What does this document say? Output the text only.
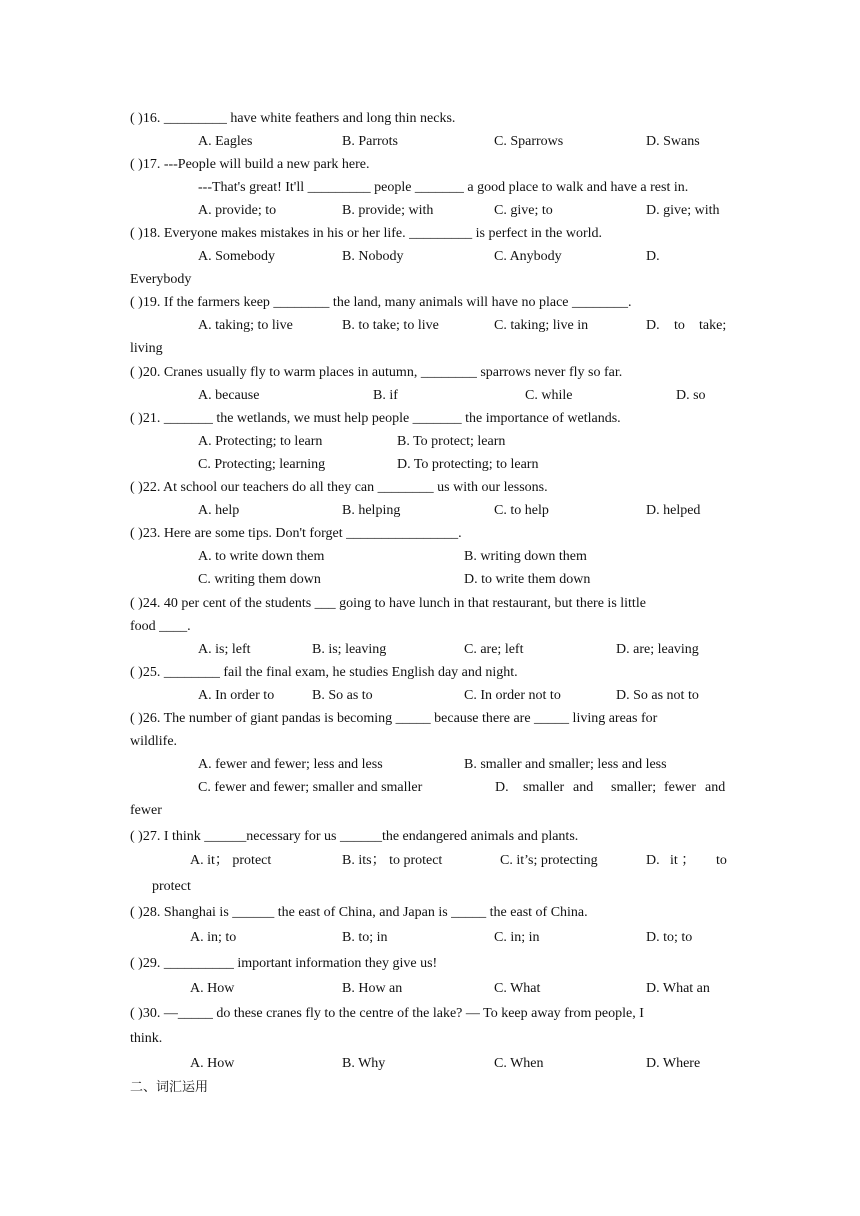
( )16. _________ have white feathers and long thin necks.
A. Eagles	B. Parrots	C. Sparrows	D. Swans
( )17. ---People will build a new park here.
---That's great! It'll _________ people _______ a good place to walk and have a rest in.
A. provide; to	B. provide; with	C. give; to	D. give; with
( )18. Everyone makes mistakes in his or her life. _________ is perfect in the world.
A. Somebody	B. Nobody	C. Anybody	D.
Everybody
( )19. If the farmers keep ________ the land, many animals will have no place ________.
A. taking; to live	B. to take; to live	C. taking; live in	D. to take;
living
( )20. Cranes usually fly to warm places in autumn, ________ sparrows never fly so far.
A. because	B. if	C. while	D. so
( )21. _______ the wetlands, we must help people _______ the importance of wetlands.
A. Protecting; to learn	B. To protect; learn
C. Protecting; learning	D. To protecting; to learn
( )22. At school our teachers do all they can ________ us with our lessons.
A. help	B. helping	C. to help	D. helped
( )23. Here are some tips. Don't forget ________________.
A. to write down them	B. writing down them
C. writing them down	D. to write them down
( )24. 40 per cent of the students ___ going to have lunch in that restaurant, but there is little
food ____.
A. is; left	B. is; leaving	C. are; left	D. are; leaving
( )25. ________ fail the final exam, he studies English day and night.
A. In order to	B. So as to	C. In order not to	D. So as not to
( )26. The number of giant pandas is becoming _____ because there are _____ living areas for
wildlife.
A. fewer and fewer; less and less	B. smaller and smaller; less and less
C. fewer and fewer; smaller and smaller	D. smaller and smaller; fewer and
fewer
( )27. I think ______necessary for us ______the endangered animals and plants.
A. it； protect	B. its； to protect	C. it’s; protecting	D. it ； to
protect
( )28. Shanghai is ______ the east of China, and Japan is _____ the east of China.
A. in; to	B. to; in	C. in; in	D. to; to
( )29. __________ important information they give us!
A. How	B. How an	C. What	D. What an
( )30. —_____ do these cranes fly to the centre of the lake? — To keep away from people, I
think.
A. How	B. Why	C. When	D. Where
二、词汇运用
